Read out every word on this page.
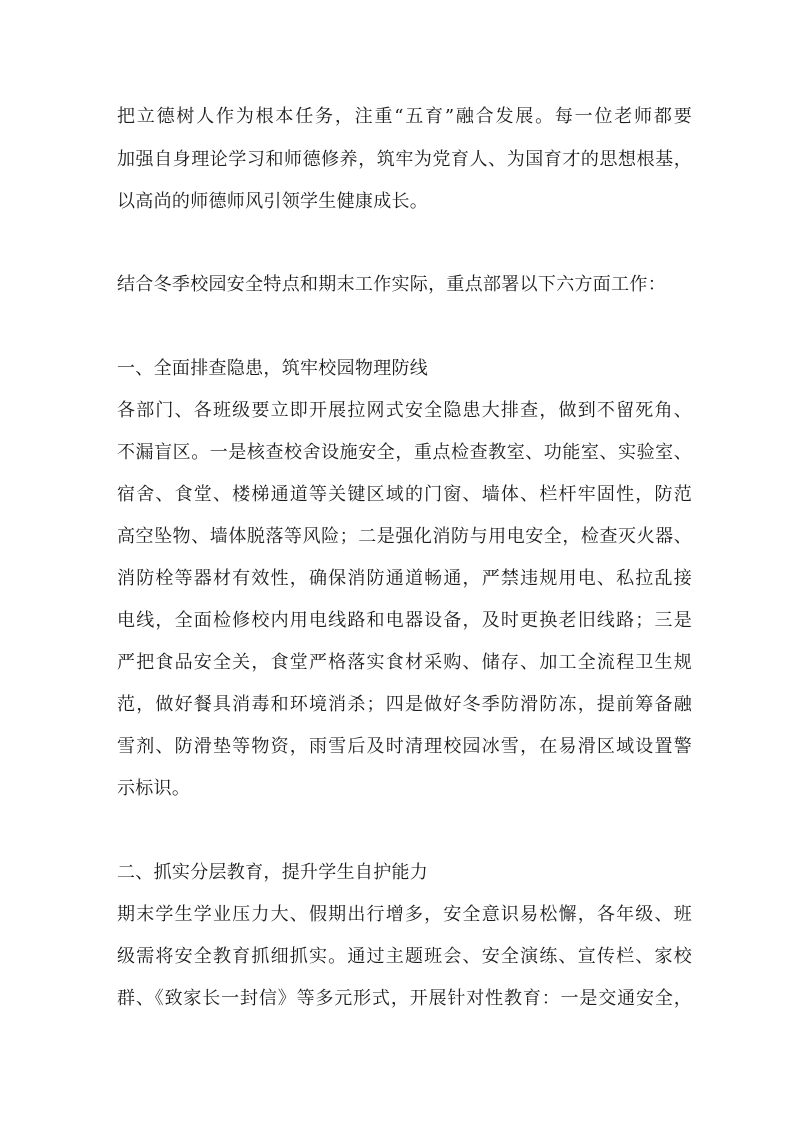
把立德树人作为根本任务，注重“五育”融合发展。每一位老师都要

加强自身理论学习和师德修养，筑牢为党育人、为国育才的思想根基，

以高尚的师德师风引领学生健康成长。

结合冬季校园安全特点和期末工作实际，重点部署以下六方面工作：

一、全面排查隐患，筑牢校园物理防线

各部门、各班级要立即开展拉网式安全隐患大排查，做到不留死角、

不漏盲区。一是核查校舍设施安全，重点检查教室、功能室、实验室、

宿舍、食堂、楼梯通道等关键区域的门窗、墙体、栏杆牢固性，防范

高空坠物、墙体脱落等风险；二是强化消防与用电安全，检查灭火器、

消防栓等器材有效性，确保消防通道畅通，严禁违规用电、私拉乱接

电线，全面检修校内用电线路和电器设备，及时更换老旧线路；三是

严把食品安全关，食堂严格落实食材采购、储存、加工全流程卫生规

范，做好餐具消毒和环境消杀；四是做好冬季防滑防冻，提前筹备融

雪剂、防滑垫等物资，雨雪后及时清理校园冰雪，在易滑区域设置警

示标识。

二、抓实分层教育，提升学生自护能力

期末学生学业压力大、假期出行增多，安全意识易松懈，各年级、班

级需将安全教育抓细抓实。通过主题班会、安全演练、宣传栏、家校

群、《致家长一封信》等多元形式，开展针对性教育：一是交通安全，
